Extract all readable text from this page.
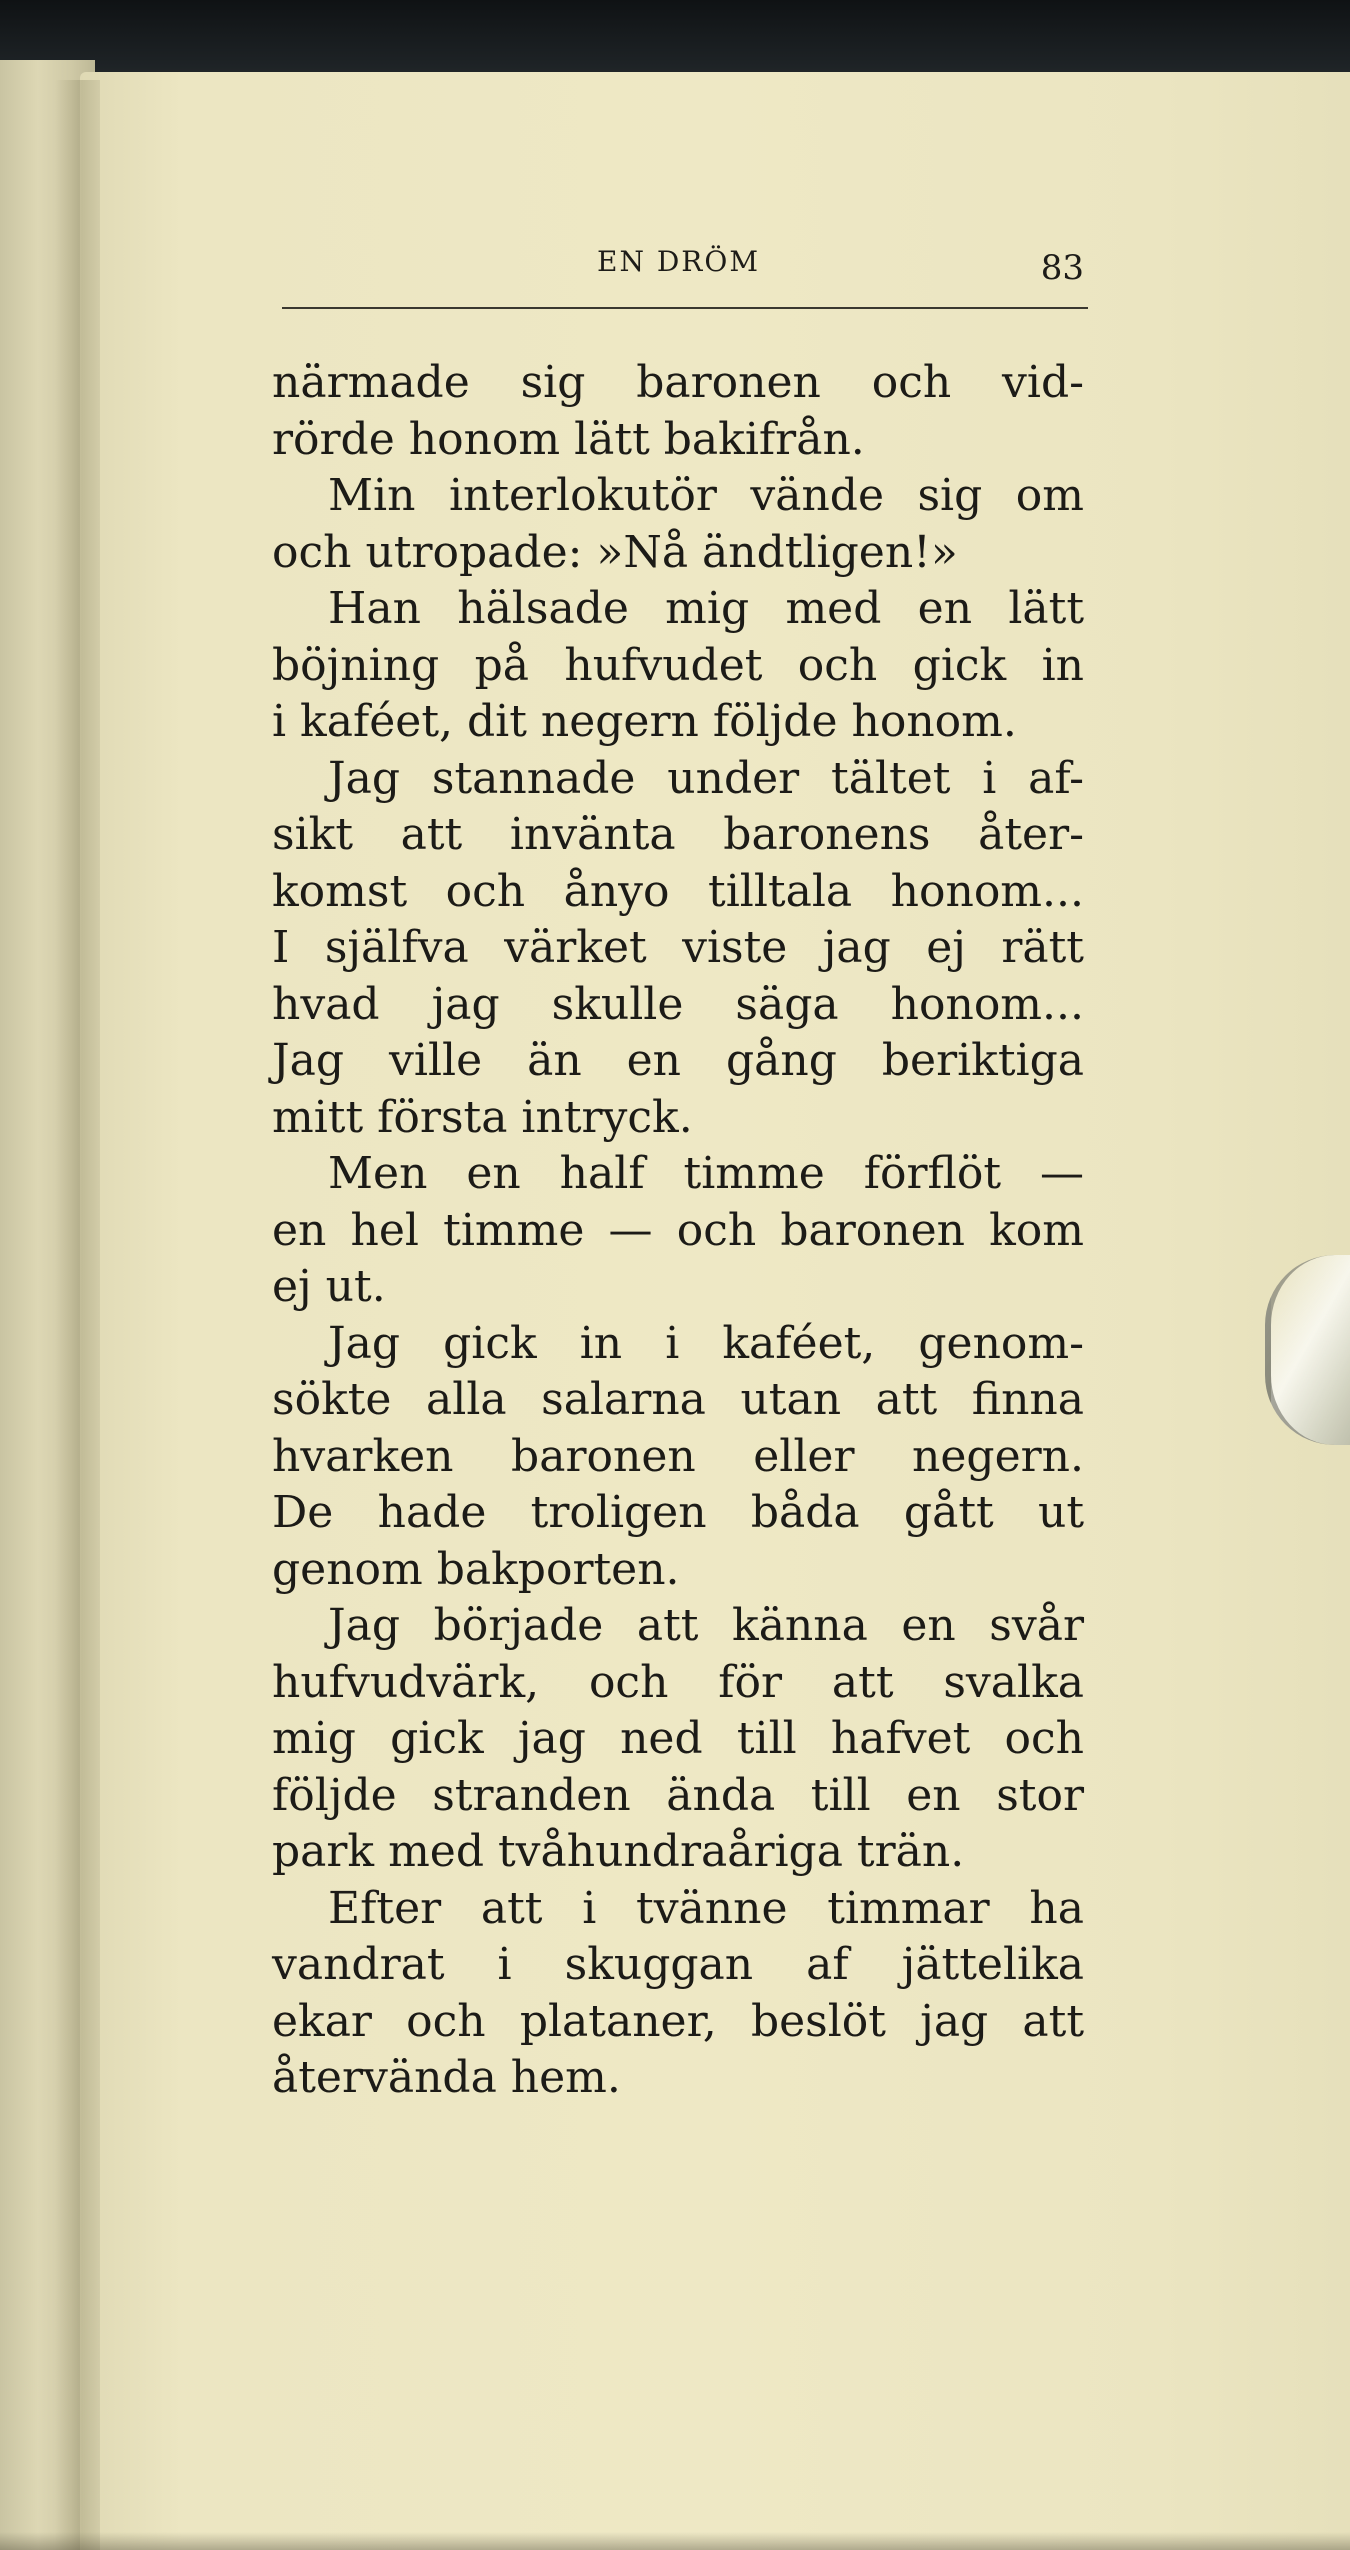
EN DRÖM	83
närmade sig baronen och vid-
rörde honom lätt bakifrån.
Min interlokutör vände sig om
och utropade: »Nå ändtligen!»
Han hälsade mig med en lätt
böjning på hufvudet och gick in
i kaféet, dit negern följde honom.
Jag stannade under tältet i af-
sikt att invänta baronens åter-
komst och ånyo tilltala honom...
I själfva värket viste jag ej rätt
hvad jag skulle säga honom...
Jag ville än en gång beriktiga
mitt första intryck.
Men en half timme förflöt —
en hel timme — och baronen kom
ej ut.
Jag gick in i kaféet, genom-
sökte alla salarna utan att finna
hvarken baronen eller negern.
De hade troligen båda gått ut
genom bakporten.
Jag började att känna en svår
hufvudvärk, och för att svalka
mig gick jag ned till hafvet och
följde stranden ända till en stor
park med tvåhundraåriga trän.
Efter att i tvänne timmar ha
vandrat i skuggan af jättelika
ekar och plataner, beslöt jag att
återvända hem.
